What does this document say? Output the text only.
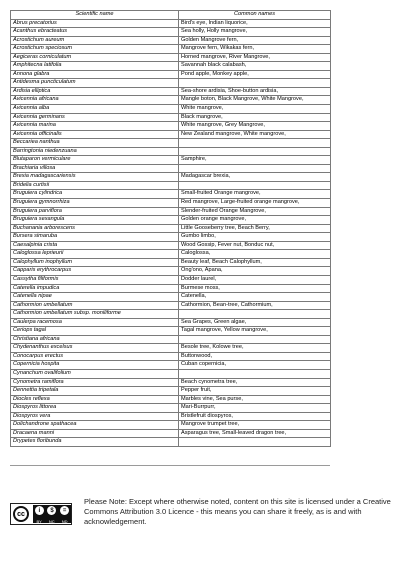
Scientific name	Common names
Abrus precatorius	Bird's eye, Indian liquorice,
Acanthus ebracteatus	Sea holly, Holly mangrove,
Acrostichum aureum	Golden Mangrove fern,
Acrostichum speciosum	Mangrove fern, Wikakas fern,
Aegiceras corniculatum	Horned mangrove, River Mangrove,
Amphitecna latifolia	Savannah black calabash,
Annona glabra	Pond apple, Monkey apple,
Antidesma puncticulatum	
Ardisia elliptica	Sea-shore ardisia, Shoe-button ardisia,
Avicennia africana	Mangle boton, Black Mangrove, White Mangrove,
Avicennia alba	White mangrove,
Avicennia germinans	Black mangrove,
Avicennia marina	White mangrove, Grey Mangrove,
Avicennia officinalis	New Zealand mangrove, White mangrove,
Beccariea nanthua	
Barringtonia niedenzuana	
Blutaparon vermiculare	Samphire,
Brachiaria villosa	
Brexia madagascariensis	Madagascar brexia,
Bridelia curtisii	
Bruguiera cylindrica	Small-fruited Orange mangrove,
Bruguiera gymnorrhiza	Red mangrove, Large-fruited orange mangrove,
Bruguiera parviflora	Slender-fruited Orange Mangrove,
Bruguiera sexangula	Golden orange mangrove,
Buchanania arborescens	Little Gooseberry tree, Beach Berry,
Bursera simaruba	Gumbo limbo,
Caesalpinia crista	Wood Gossip, Fever nut, Bonduc nut,
Caloglossa leprieurii	Caloglossa,
Calophyllum inophyllum	Beauty leaf, Beach Calophyllum,
Capparis erythrocarpus	Ong'ono, Apana,
Cassytha filiformis	Dodder laurel,
Caterella impudica	Burmese moss,
Catenella nipae	Catenella,
Cathormion umbellatum	Cathormion, Bean-tree, Cathormium,
Cathormion umbellatum subsp. moniliforme	
Caulerpa racemosa	Sea Grapes, Green algae,
Ceriops tagal	Tagal mangrove, Yellow mangrove,
Christiana africana	
Chydenanthus excelsus	Besole tree, Kolowe tree,
Conocarpus erectus	Buttonwood,
Copernicia hospita	Cuban copernicia,
Cynanchum ovalifolium	
Cynometra ramiflora	Beach cynometra tree,
Dennettia tripetala	Pepper fruit,
Diocles reflexa	Marbles vine, Sea purse,
Diospyros littorea	Mari-Burrpurr,
Diospyros vera	Bristlefruit diospyros,
Dolichandrone spathacea	Mangrove trumpet tree,
Dracaena manni	Asparagus tree, Small-leaved dragon tree,
Drypetes floribunda	
cc	i	$	=
BY NC ND
Please Note: Except where otherwise noted, content on this site is licensed under a Creative Commons Attribution 3.0 Licence - this means you can share it freely, as is and with acknowledgement.
